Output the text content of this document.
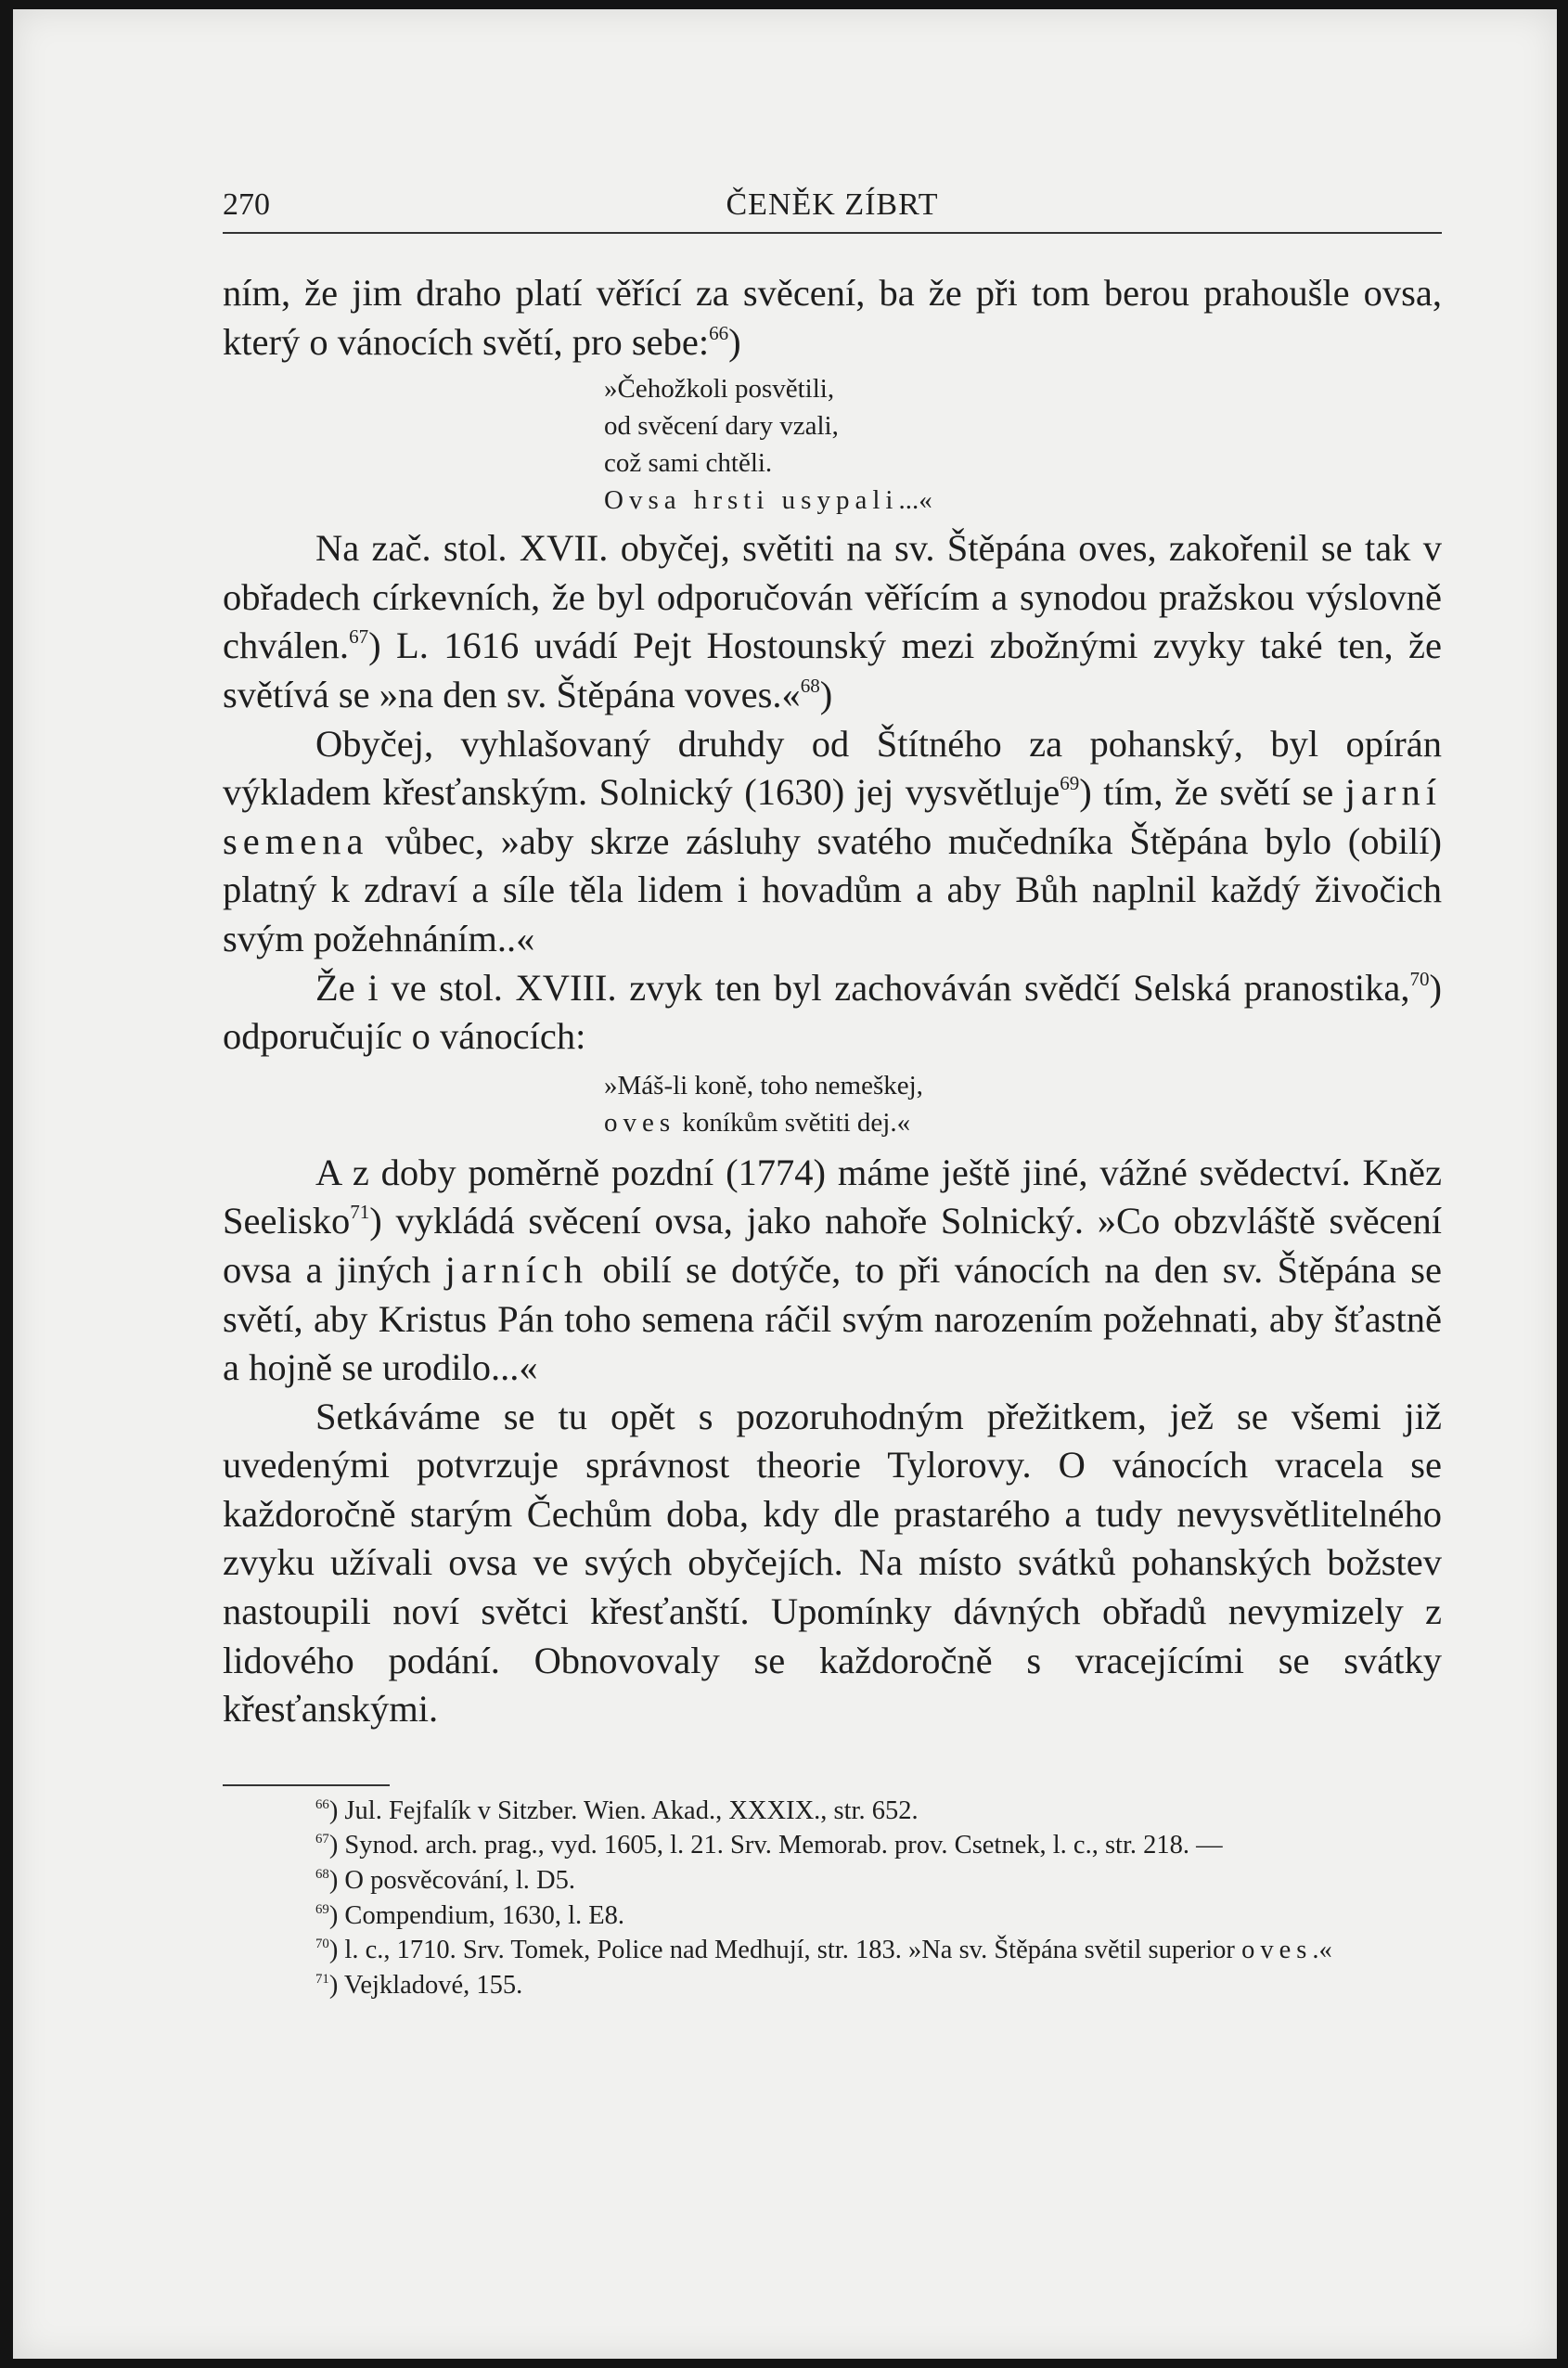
270	ČENĚK ZÍBRT

ním, že jim draho platí věřící za svěcení, ba že při tom berou prahoušle ovsa, který o vánocích světí, pro sebe:$^{66}$)

»Čehožkoli posvětili,
od svěcení dary vzali,
což sami chtěli.
Ovsa hrsti usypali...«

Na zač. stol. XVII. obyčej, světiti na sv. Štěpána oves, zakořenil se tak v obřadech církevních, že byl odporučován věřícím a synodou pražskou výslovně chválen.$^{67}$) L. 1616 uvádí Pejt Hostounský mezi zbožnými zvyky také ten, že světívá se »na den sv. Štěpána voves.«$^{68}$)

Obyčej, vyhlašovaný druhdy od Štítného za pohanský, byl opírán výkladem křesťanským. Solnický (1630) jej vysvětluje$^{69}$) tím, že světí se jarní semena vůbec, »aby skrze zásluhy svatého mučedníka Štěpána bylo (obilí) platný k zdraví a síle těla lidem i hovadům a aby Bůh naplnil každý živočich svým požehnáním..«

Že i ve stol. XVIII. zvyk ten byl zachováván svědčí Selská pranostika,$^{70}$) odporučujíc o vánocích:

»Máš-li koně, toho nemeškej,
oves koníkům světiti dej.«

A z doby poměrně pozdní (1774) máme ještě jiné, vážné svědectví. Kněz Seelisko$^{71}$) vykládá svěcení ovsa, jako nahoře Solnický. »Co obzvláště svěcení ovsa a jiných jarních obilí se dotýče, to při vánocích na den sv. Štěpána se světí, aby Kristus Pán toho semena ráčil svým narozením požehnati, aby šťastně a hojně se urodilo...«

Setkáváme se tu opět s pozoruhodným přežitkem, jež se všemi již uvedenými potvrzuje správnost theorie Tylorovy. O vánocích vracela se každoročně starým Čechům doba, kdy dle prastarého a tudy nevysvětlitelného zvyku užívali ovsa ve svých obyčejích. Na místo svátků pohanských božstev nastoupili noví světci křesťanští. Upomínky dávných obřadů nevymizely z lidového podání. Obnovovaly se každoročně s vracejícími se svátky křesťanskými.

$^{66}$) Jul. Fejfalík v Sitzber. Wien. Akad., XXXIX., str. 652.

$^{67}$) Synod. arch. prag., vyd. 1605, l. 21. Srv. Memorab. prov. Csetnek, l. c., str. 218. —

$^{68}$) O posvěcování, l. D5.

$^{69}$) Compendium, 1630, l. E8.

$^{70}$) l. c., 1710. Srv. Tomek, Police nad Medhují, str. 183. »Na sv. Štěpána světil superior oves.«

$^{71}$) Vejkladové, 155.
